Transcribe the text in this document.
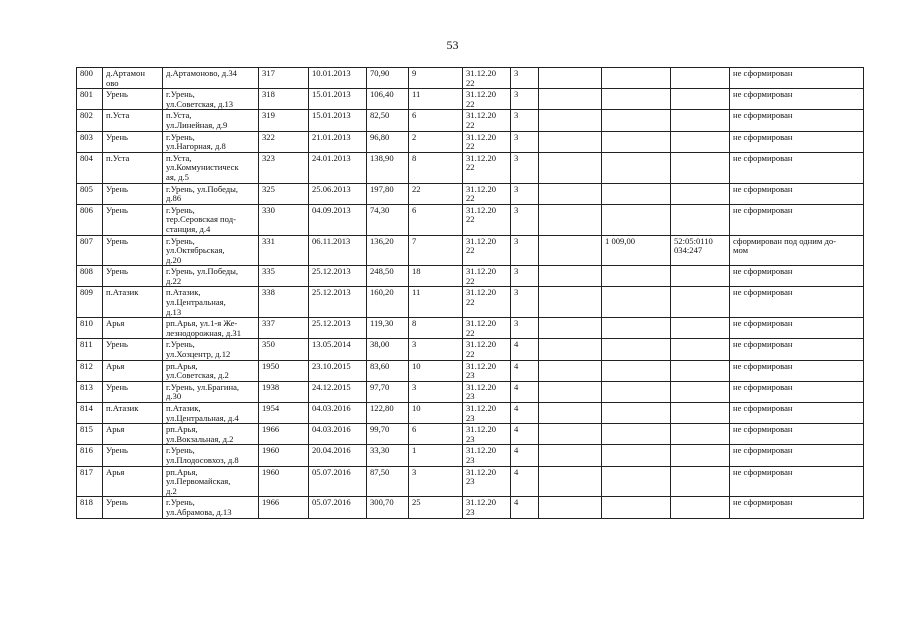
53
800	д.Артамон
ово	д.Артамоново, д.34	317	10.01.2013	70,90	9	31.12.20
22	3				не сформирован
801	Урень	г.Урень,
ул.Советская, д.13	318	15.01.2013	106,40	11	31.12.20
22	3				не сформирован
802	п.Уста	п.Уста,
ул.Линейная, д.9	319	15.01.2013	82,50	6	31.12.20
22	3				не сформирован
803	Урень	г.Урень,
ул.Нагорная, д.8	322	21.01.2013	96,80	2	31.12.20
22	3				не сформирован
804	п.Уста	п.Уста,
ул.Коммунистическ
ая, д.5	323	24.01.2013	138,90	8	31.12.20
22	3				не сформирован
805	Урень	г.Урень, ул.Победы,
д.86	325	25.06.2013	197,80	22	31.12.20
22	3				не сформирован
806	Урень	г.Урень,
тер.Серовская под-
станция, д.4	330	04.09.2013	74,30	6	31.12.20
22	3				не сформирован
807	Урень	г.Урень,
ул.Октябрьская,
д.20	331	06.11.2013	136,20	7	31.12.20
22	3		1 009,00	52:05:0110
034:247	сформирован под одним до-
мом
808	Урень	г.Урень, ул.Победы,
д.22	335	25.12.2013	248,50	18	31.12.20
22	3				не сформирован
809	п.Атазик	п.Атазик,
ул.Центральная,
д.13	338	25.12.2013	160,20	11	31.12.20
22	3				не сформирован
810	Арья	рп.Арья, ул.1-я Же-
лезнодорожная, д.31	337	25.12.2013	119,30	8	31.12.20
22	3				не сформирован
811	Урень	г.Урень,
ул.Хозцентр, д.12	350	13.05.2014	38,00	3	31.12.20
22	4				не сформирован
812	Арья	рп.Арья,
ул.Советская, д.2	1950	23.10.2015	83,60	10	31.12.20
23	4				не сформирован
813	Урень	г.Урень, ул.Брагина,
д.30	1938	24.12.2015	97,70	3	31.12.20
23	4				не сформирован
814	п.Атазик	п.Атазик,
ул.Центральная, д.4	1954	04.03.2016	122,80	10	31.12.20
23	4				не сформирован
815	Арья	рп.Арья,
ул.Вокзальная, д.2	1966	04.03.2016	99,70	6	31.12.20
23	4				не сформирован
816	Урень	г.Урень,
ул.Плодосовхоз, д.8	1960	20.04.2016	33,30	1	31.12.20
23	4				не сформирован
817	Арья	рп.Арья,
ул.Первомайская,
д.2	1960	05.07.2016	87,50	3	31.12.20
23	4				не сформирован
818	Урень	г.Урень,
ул.Абрамова, д.13	1966	05.07.2016	300,70	25	31.12.20
23	4				не сформирован
